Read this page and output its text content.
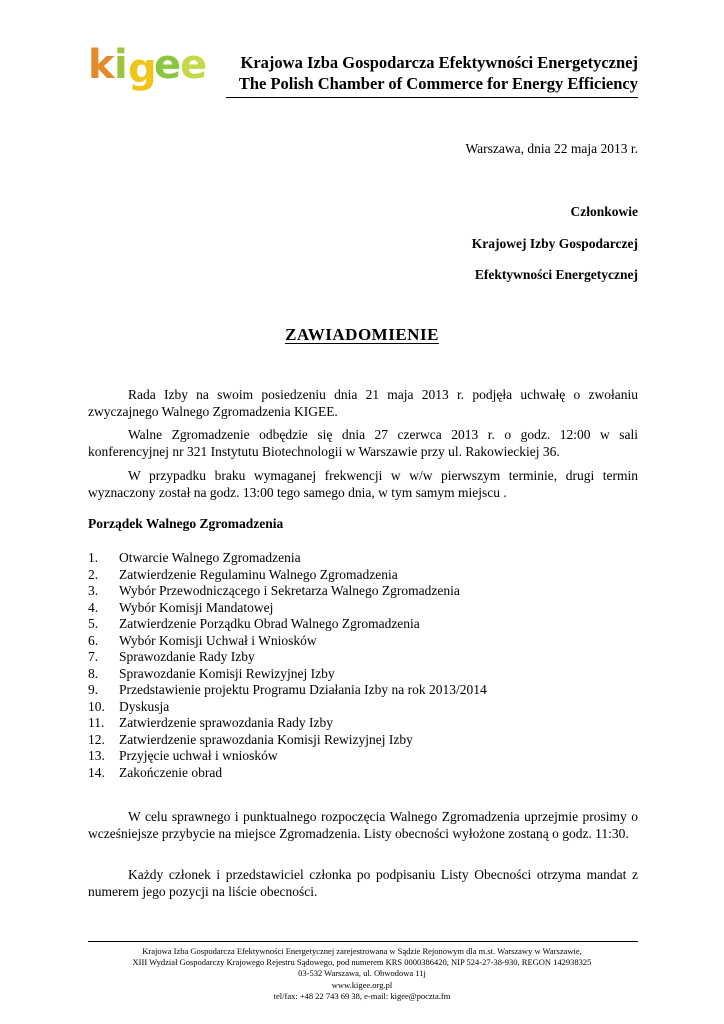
k i g
e
e	Krajowa Izba Gospodarcza Efektywności Energetycznej
The Polish Chamber of Commerce for Energy Efficiency
Warszawa, dnia 22 maja 2013 r.
Członkowie
Krajowej Izby Gospodarczej
Efektywności Energetycznej
ZAWIADOMIENIE

Rada Izby na swoim posiedzeniu dnia 21 maja 2013 r. podjęła uchwałę o zwołaniu zwyczajnego Walnego Zgromadzenia KIGEE.

Walne Zgromadzenie odbędzie się dnia 27 czerwca 2013 r. o godz. 12:00 w sali konferencyjnej nr 321 Instytutu Biotechnologii w Warszawie przy ul. Rakowieckiej 36.

W przypadku braku wymaganej frekwencji w w/w pierwszym terminie, drugi termin wyznaczony został na godz. 13:00 tego samego dnia, w tym samym miejscu .

Porządek Walnego Zgromadzenia
1. Otwarcie Walnego Zgromadzenia
2. Zatwierdzenie Regulaminu Walnego Zgromadzenia
3. Wybór Przewodniczącego i Sekretarza Walnego Zgromadzenia
4. Wybór Komisji Mandatowej
5. Zatwierdzenie Porządku Obrad Walnego Zgromadzenia
6. Wybór Komisji Uchwał i Wniosków
7. Sprawozdanie Rady Izby
8. Sprawozdanie Komisji Rewizyjnej Izby
9. Przedstawienie projektu Programu Działania Izby na rok 2013/2014
10. Dyskusja
11. Zatwierdzenie sprawozdania Rady Izby
12. Zatwierdzenie sprawozdania Komisji Rewizyjnej Izby
13. Przyjęcie uchwał i wniosków
14. Zakończenie obrad

W celu sprawnego i punktualnego rozpoczęcia Walnego Zgromadzenia uprzejmie prosimy o wcześniejsze przybycie na miejsce Zgromadzenia. Listy obecności wyłożone zostaną o godz. 11:30.

Każdy członek i przedstawiciel członka po podpisaniu Listy Obecności otrzyma mandat z numerem jego pozycji na liście obecności.

Krajowa Izba Gospodarcza Efektywności Energetycznej zarejestrowana w Sądzie Rejonowym dla m.st. Warszawy w Warszawie,
XIII Wydział Gospodarczy Krajowego Rejestru Sądowego, pod numerem KRS 0000386420, NIP 524-27-38-930, REGON 142938325
03-532 Warszawa, ul. Obwodowa 11j
www.kigee.org.pl
tel/fax: +48 22 743 69 38, e-mail: kigee@poczta.fm
